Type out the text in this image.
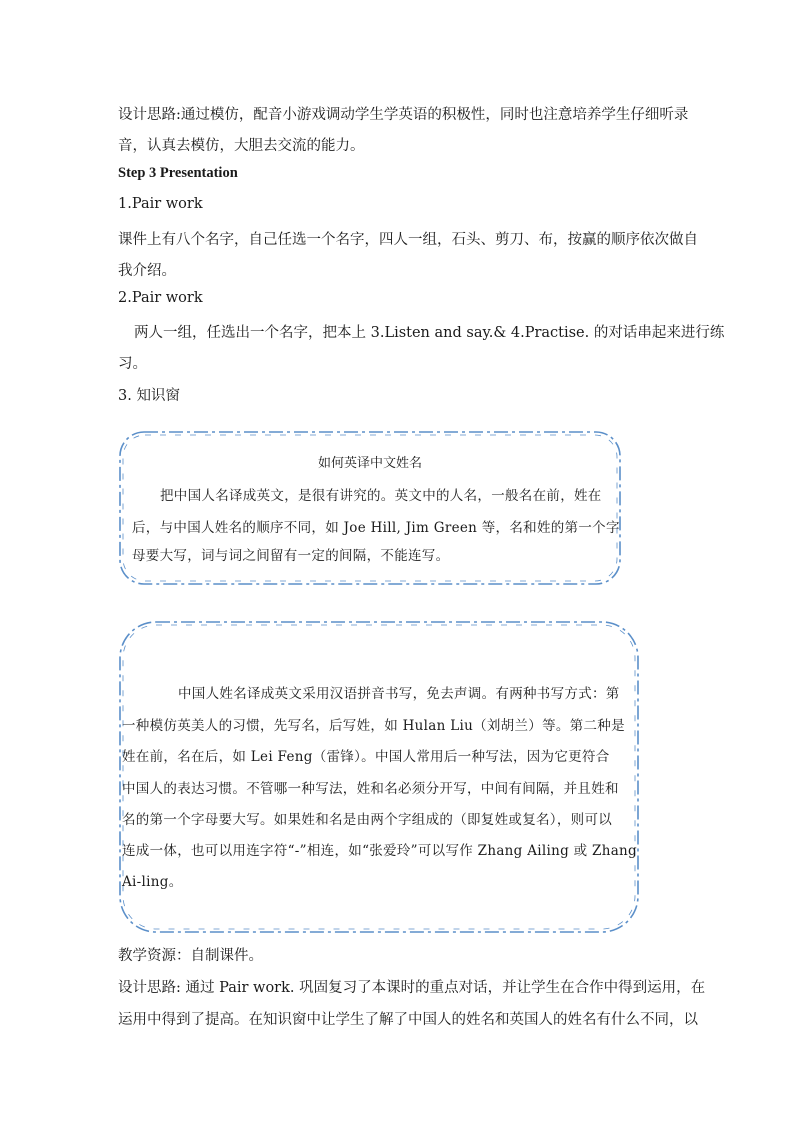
设计思路:通过模仿，配音小游戏调动学生学英语的积极性，同时也注意培养学生仔细听录
音，认真去模仿，大胆去交流的能力。
Step 3 Presentation
1.Pair work
课件上有八个名字，自己任选一个名字，四人一组，石头、剪刀、布，按赢的顺序依次做自
我介绍。
2.Pair work
两人一组，任选出一个名字，把本上 3.Listen and say.& 4.Practise. 的对话串起来进行练
习。
3. 知识窗
如何英译中文姓名
把中国人名译成英文，是很有讲究的。英文中的人名，一般名在前，姓在
后，与中国人姓名的顺序不同，如 Joe Hill, Jim Green 等，名和姓的第一个字
母要大写，词与词之间留有一定的间隔，不能连写。
中国人姓名译成英文采用汉语拼音书写，免去声调。有两种书写方式：第
一种模仿英美人的习惯，先写名，后写姓，如 Hulan Liu（刘胡兰）等。第二种是
姓在前，名在后，如 Lei Feng（雷锋）。中国人常用后一种写法，因为它更符合
中国人的表达习惯。不管哪一种写法，姓和名必须分开写，中间有间隔，并且姓和
名的第一个字母要大写。如果姓和名是由两个字组成的（即复姓或复名），则可以
连成一体，也可以用连字符“-”相连，如“张爱玲”可以写作 Zhang Ailing 或 Zhang
Ai-ling。
教学资源：自制课件。
设计思路: 通过 Pair work. 巩固复习了本课时的重点对话，并让学生在合作中得到运用，在
运用中得到了提高。在知识窗中让学生了解了中国人的姓名和英国人的姓名有什么不同，以
